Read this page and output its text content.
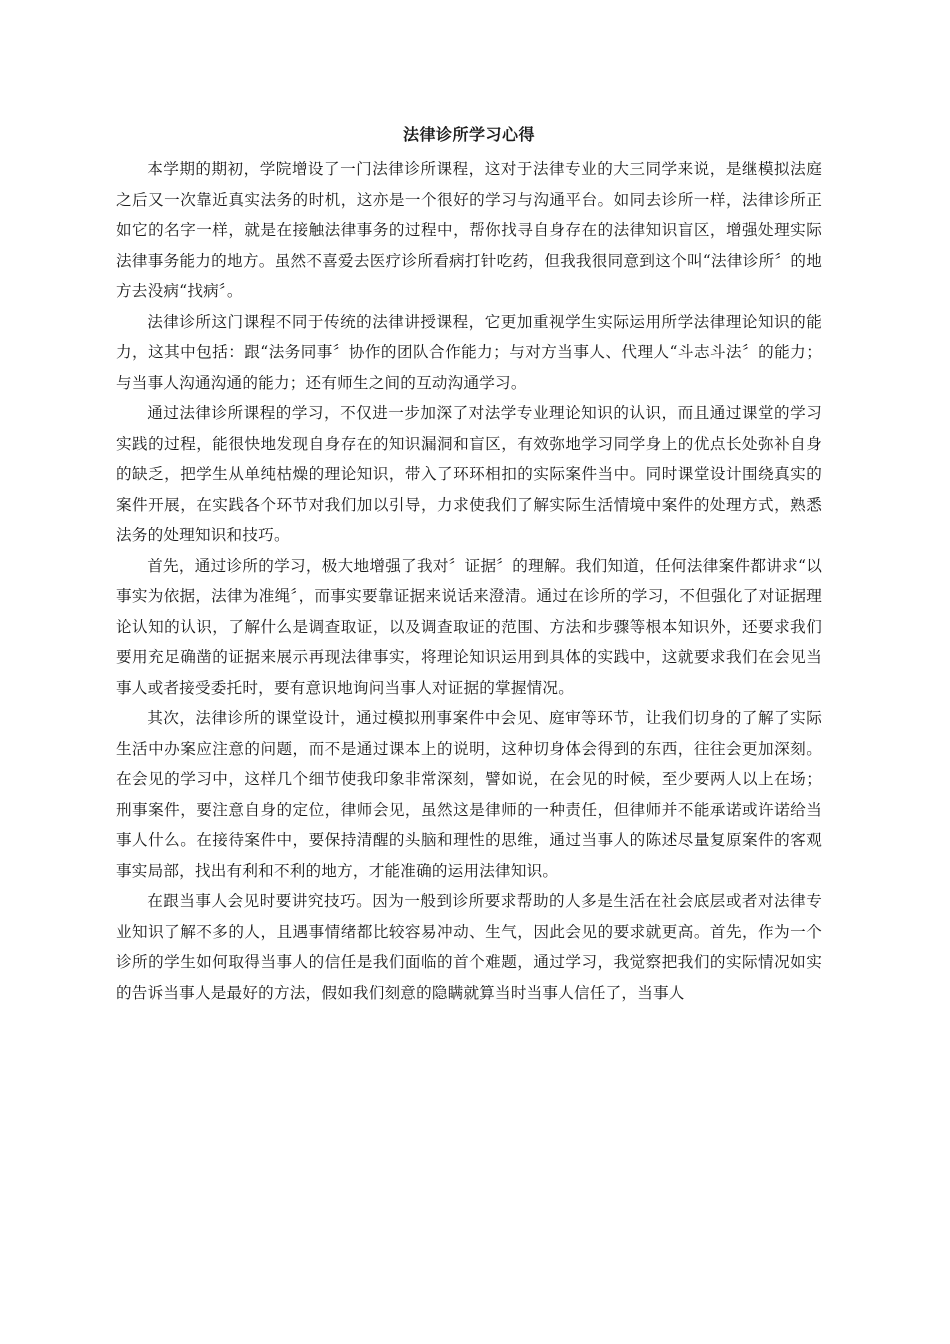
法律诊所学习心得

本学期的期初，学院增设了一门法律诊所课程，这对于法律专业的大三同学来说，是继模拟法庭之后又一次靠近真实法务的时机，这亦是一个很好的学习与沟通平台。如同去诊所一样，法律诊所正如它的名字一样，就是在接触法律事务的过程中，帮你找寻自身存在的法律知识盲区，增强处理实际法律事务能力的地方。虽然不喜爱去医疗诊所看病打针吃药，但我我很同意到这个叫“法律诊所〞的地方去没病“找病〞。

法律诊所这门课程不同于传统的法律讲授课程，它更加重视学生实际运用所学法律理论知识的能力，这其中包括：跟“法务同事〞协作的团队合作能力；与对方当事人、代理人“斗志斗法〞的能力；与当事人沟通沟通的能力；还有师生之间的互动沟通学习。

通过法律诊所课程的学习，不仅进一步加深了对法学专业理论知识的认识，而且通过课堂的学习实践的过程，能很快地发现自身存在的知识漏洞和盲区，有效弥地学习同学身上的优点长处弥补自身的缺乏，把学生从单纯枯燥的理论知识，带入了环环相扣的实际案件当中。同时课堂设计围绕真实的案件开展，在实践各个环节对我们加以引导，力求使我们了解实际生活情境中案件的处理方式，熟悉法务的处理知识和技巧。

首先，通过诊所的学习，极大地增强了我对〞证据〞的理解。我们知道，任何法律案件都讲求“以事实为依据，法律为准绳〞，而事实要靠证据来说话来澄清。通过在诊所的学习，不但强化了对证据理论认知的认识，了解什么是调查取证，以及调查取证的范围、方法和步骤等根本知识外，还要求我们要用充足确凿的证据来展示再现法律事实，将理论知识运用到具体的实践中，这就要求我们在会见当事人或者接受委托时，要有意识地询问当事人对证据的掌握情况。

其次，法律诊所的课堂设计，通过模拟刑事案件中会见、庭审等环节，让我们切身的了解了实际生活中办案应注意的问题，而不是通过课本上的说明，这种切身体会得到的东西，往往会更加深刻。在会见的学习中，这样几个细节使我印象非常深刻，譬如说，在会见的时候，至少要两人以上在场；刑事案件，要注意自身的定位，律师会见，虽然这是律师的一种责任，但律师并不能承诺或许诺给当事人什么。在接待案件中，要保持清醒的头脑和理性的思维，通过当事人的陈述尽量复原案件的客观事实局部，找出有利和不利的地方，才能准确的运用法律知识。

在跟当事人会见时要讲究技巧。因为一般到诊所要求帮助的人多是生活在社会底层或者对法律专业知识了解不多的人，且遇事情绪都比较容易冲动、生气，因此会见的要求就更高。首先，作为一个诊所的学生如何取得当事人的信任是我们面临的首个难题，通过学习，我觉察把我们的实际情况如实的告诉当事人是最好的方法，假如我们刻意的隐瞒就算当时当事人信任了，当事人
